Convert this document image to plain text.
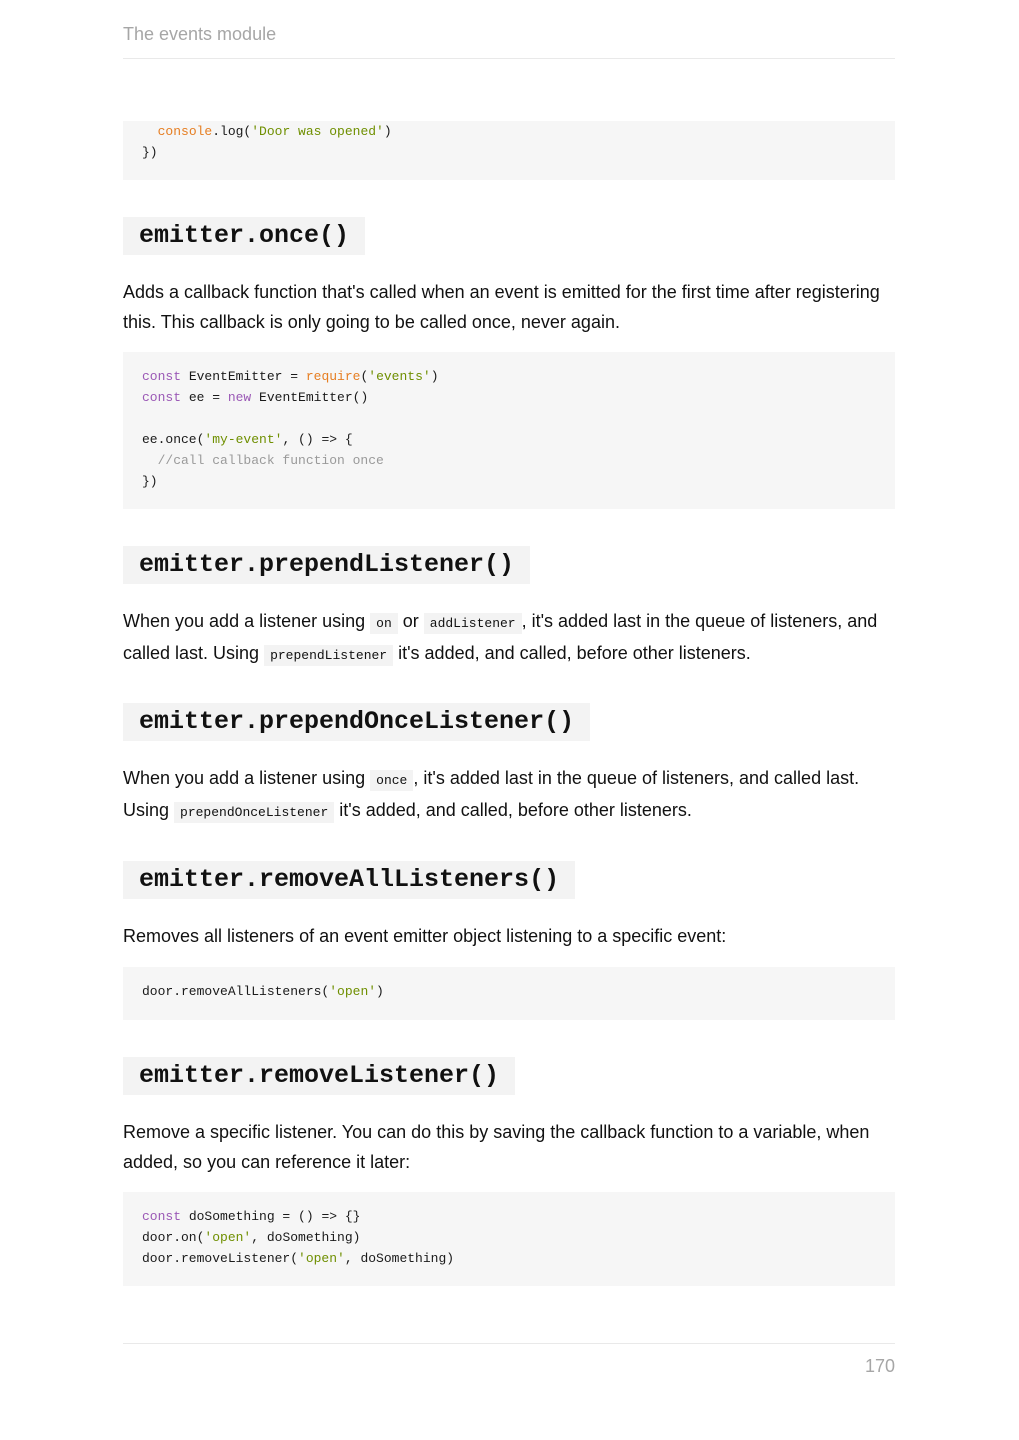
The events module
console.log('Door was opened')
})
emitter.once()
Adds a callback function that's called when an event is emitted for the first time after registering this. This callback is only going to be called once, never again.
const EventEmitter = require('events')
const ee = new EventEmitter()
ee.once('my-event', () => {
//call callback function once
})
emitter.prependListener()
When you add a listener using on or addListener , it's added last in the queue of listeners, and called last. Using prependListener it's added, and called, before other listeners.
emitter.prependOnceListener()
When you add a listener using once , it's added last in the queue of listeners, and called last. Using prependOnceListener it's added, and called, before other listeners.
emitter.removeAllListeners()
Removes all listeners of an event emitter object listening to a specific event:
door.removeAllListeners('open')
emitter.removeListener()
Remove a specific listener. You can do this by saving the callback function to a variable, when added, so you can reference it later:
const doSomething = () => {}
door.on('open', doSomething)
door.removeListener('open', doSomething)
170
